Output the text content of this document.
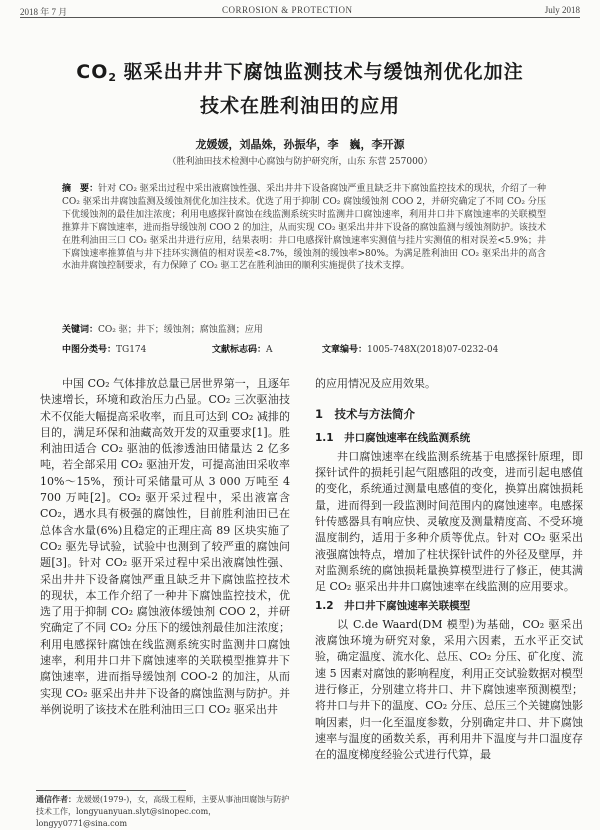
2018 年 7 月	CORROSION & PROTECTION	July 2018
$CO_2$ 驱采出井井下腐蚀监测技术与缓蚀剂优化加注
技术在胜利油田的应用
龙媛媛，刘晶姝，孙振华，李　巍，李开源
（胜利油田技术检测中心腐蚀与防护研究所，山东 东营 257000）
摘　要：针对 CO₂ 驱采出过程中采出液腐蚀性强、采出井井下设备腐蚀严重且缺乏井下腐蚀监控技术的现状，介绍了一种 CO₂ 驱采出井腐蚀监测及缓蚀剂优化加注技术。优选了用于抑制 CO₂ 腐蚀缓蚀剂 COO 2，并研究确定了不同 CO₂ 分压下优缓蚀剂的最佳加注浓度；利用电感探针腐蚀在线监测系统实时监测井口腐蚀速率，利用井口井下腐蚀速率的关联模型推算井下腐蚀速率，进而指导缓蚀剂 COO 2 的加注，从而实现 CO₂ 驱采出井井下设备的腐蚀监测与缓蚀剂防护。该技术在胜利油田三口 CO₂ 驱采出井进行应用，结果表明：井口电感探针腐蚀速率实测值与挂片实测值的相对误差<5.9%；井下腐蚀速率推算值与井下挂环实测值的相对误差<8.7%，缓蚀剂的缓蚀率>80%。为满足胜利油田 CO₂ 驱采出井的高含水油井腐蚀控制要求，有力保障了 CO₂ 驱工艺在胜利油田的顺利实施提供了技术支撑。
关键词：CO₂ 驱；井下；缓蚀剂；腐蚀监测；应用
中图分类号：TG174	文献标志码：A	文章编号：1005-748X(2018)07-0232-04

中国 CO₂ 气体排放总量已居世界第一，且逐年快速增长，环境和政治压力凸显。CO₂ 三次驱油技术不仅能大幅提高采收率，而且可达到 CO₂ 减排的目的，满足环保和油藏高效开发的双重要求[1]。胜利油田适合 CO₂ 驱油的低渗透油田储量达 2 亿多吨，若全部采用 CO₂ 驱油开发，可提高油田采收率 10%～15%，预计可采储量可从 3 000 万吨至 4 700 万吨[2]。CO₂ 驱开采过程中，采出液富含 CO₂，遇水具有极强的腐蚀性，目前胜利油田已在总体含水量(6%)且稳定的正理庄高 89 区块实施了 CO₂ 驱先导试验，试验中也测到了较严重的腐蚀问题[3]。针对 CO₂ 驱开采过程中采出液腐蚀性强、采出井井下设备腐蚀严重且缺乏井下腐蚀监控技术的现状，本工作介绍了一种井下腐蚀监控技术，优选了用于抑制 CO₂ 腐蚀液体缓蚀剂 COO 2，并研究确定了不同 CO₂ 分压下的缓蚀剂最佳加注浓度；利用电感探针腐蚀在线监测系统实时监测井口腐蚀速率，利用井口井下腐蚀速率的关联模型推算井下腐蚀速率，进而指导缓蚀剂 COO-2 的加注，从而实现 CO₂ 驱采出井井下设备的腐蚀监测与防护。并举例说明了该技术在胜利油田三口 CO₂ 驱采出井

的应用情况及应用效果。

1　技术与方法简介
1.1　井口腐蚀速率在线监测系统

井口腐蚀速率在线监测系统基于电感探针原理，即探针试件的损耗引起气阻感阻的改变，进而引起电感值的变化，系统通过测量电感值的变化，换算出腐蚀损耗量，进而得到一段监测时间范围内的腐蚀速率。电感探针传感器具有响应快、灵敏度及测量精度高、不受环境温度制约，适用于多种介质等优点。针对 CO₂ 驱采出液强腐蚀特点，增加了柱状探针试件的外径及壁厚，并对监测系统的腐蚀损耗量换算模型进行了修正，使其满足 CO₂ 驱采出井井口腐蚀速率在线监测的应用要求。

1.2　井口井下腐蚀速率关联模型

以 C.de Waard(DM 模型)为基础，CO₂ 驱采出液腐蚀环境为研究对象，采用六因素，五水平正交试验，确定温度、流水化、总压、CO₂ 分压、矿化度、流速 5 因素对腐蚀的影响程度，利用正交试验数据对模型进行修正，分别建立将井口、井下腐蚀速率预测模型；将井口与井下的温度、CO₂ 分压、总压三个关键腐蚀影响因素，归一化至温度参数，分别确定井口、井下腐蚀速率与温度的函数关系，再利用井下温度与井口温度存在的温度梯度经验公式进行代算，最

通信作者：龙媛媛(1979-)，女，高级工程师，主要从事油田腐蚀与防护技术工作，longyuanyuan.slyt@sinopec.com，longyy0771@sina.com
